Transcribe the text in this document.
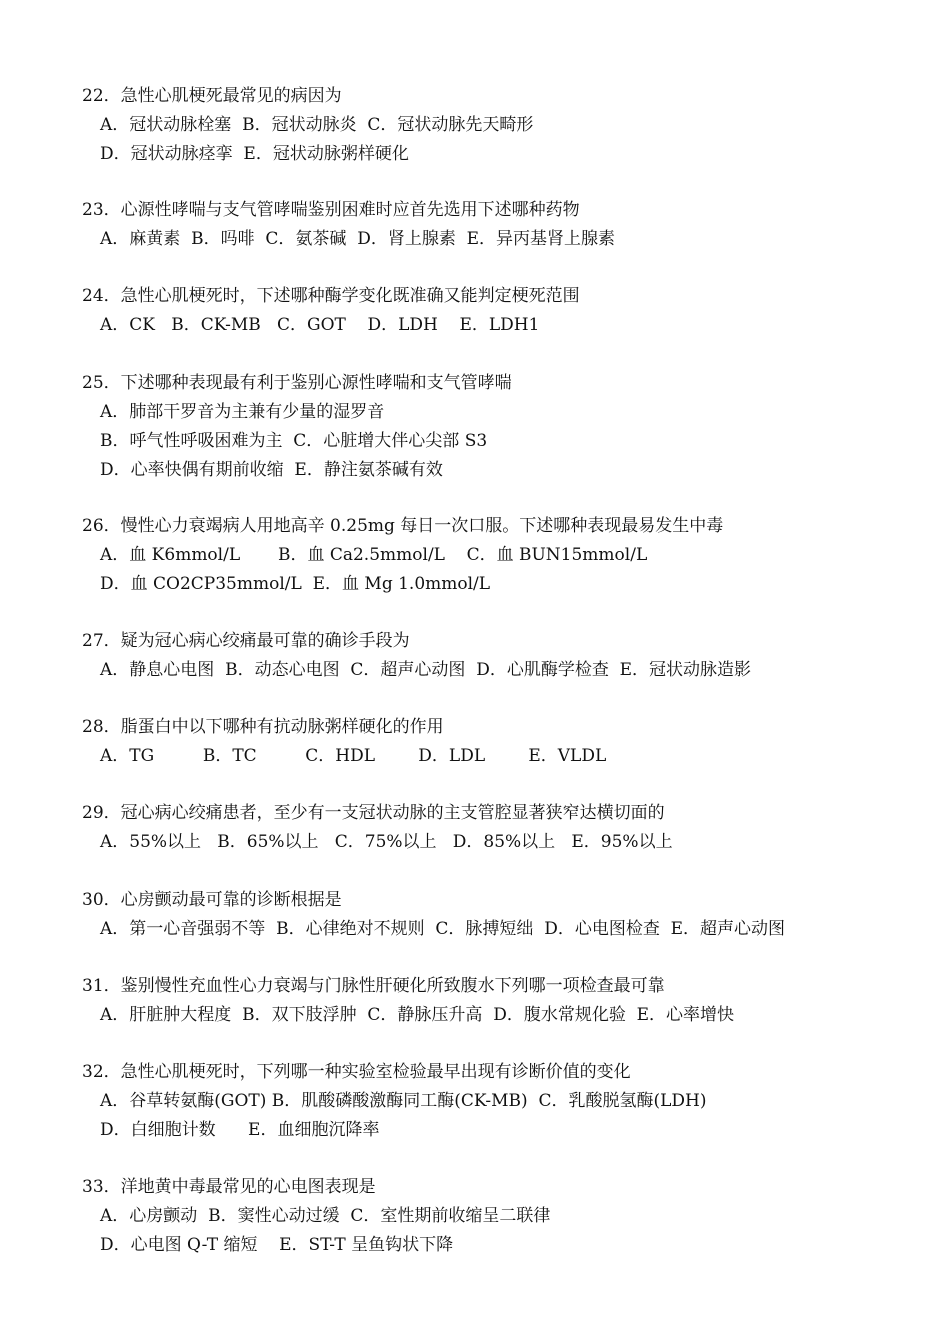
22．急性心肌梗死最常见的病因为
A．冠状动脉栓塞  B．冠状动脉炎  C．冠状动脉先天畸形
D．冠状动脉痉挛  E．冠状动脉粥样硬化
23．心源性哮喘与支气管哮喘鉴别困难时应首先选用下述哪种药物
A．麻黄素  B．吗啡  C．氨茶碱  D．肾上腺素  E．异丙基肾上腺素
24．急性心肌梗死时，下述哪种酶学变化既准确又能判定梗死范围
A．CK   B．CK-MB   C．GOT    D．LDH    E．LDH1
25．下述哪种表现最有利于鉴别心源性哮喘和支气管哮喘
A．肺部干罗音为主兼有少量的湿罗音
B．呼气性呼吸困难为主  C．心脏增大伴心尖部 S3
D．心率快偶有期前收缩  E．静注氨茶碱有效
26．慢性心力衰竭病人用地高辛 0.25mg 每日一次口服。下述哪种表现最易发生中毒
A．血 K6mmol/L       B．血 Ca2.5mmol/L    C．血 BUN15mmol/L
D．血 CO2CP35mmol/L  E．血 Mg 1.0mmol/L
27．疑为冠心病心绞痛最可靠的确诊手段为
A．静息心电图  B．动态心电图  C．超声心动图  D．心肌酶学检查  E．冠状动脉造影
28．脂蛋白中以下哪种有抗动脉粥样硬化的作用
A．TG         B．TC         C．HDL        D．LDL        E．VLDL
29．冠心病心绞痛患者，至少有一支冠状动脉的主支管腔显著狭窄达横切面的
A．55%以上   B．65%以上   C．75%以上   D．85%以上   E．95%以上
30．心房颤动最可靠的诊断根据是
A．第一心音强弱不等  B．心律绝对不规则  C．脉搏短绌  D．心电图检查  E．超声心动图
31．鉴别慢性充血性心力衰竭与门脉性肝硬化所致腹水下列哪一项检查最可靠
A．肝脏肿大程度  B．双下肢浮肿  C．静脉压升高  D．腹水常规化验  E．心率增快
32．急性心肌梗死时，下列哪一种实验室检验最早出现有诊断价值的变化
A．谷草转氨酶(GOT) B．肌酸磷酸激酶同工酶(CK-MB)  C．乳酸脱氢酶(LDH)
D．白细胞计数      E．血细胞沉降率
33．洋地黄中毒最常见的心电图表现是
A．心房颤动  B．窦性心动过缓  C．室性期前收缩呈二联律
D．心电图 Q-T 缩短    E．ST-T 呈鱼钩状下降
